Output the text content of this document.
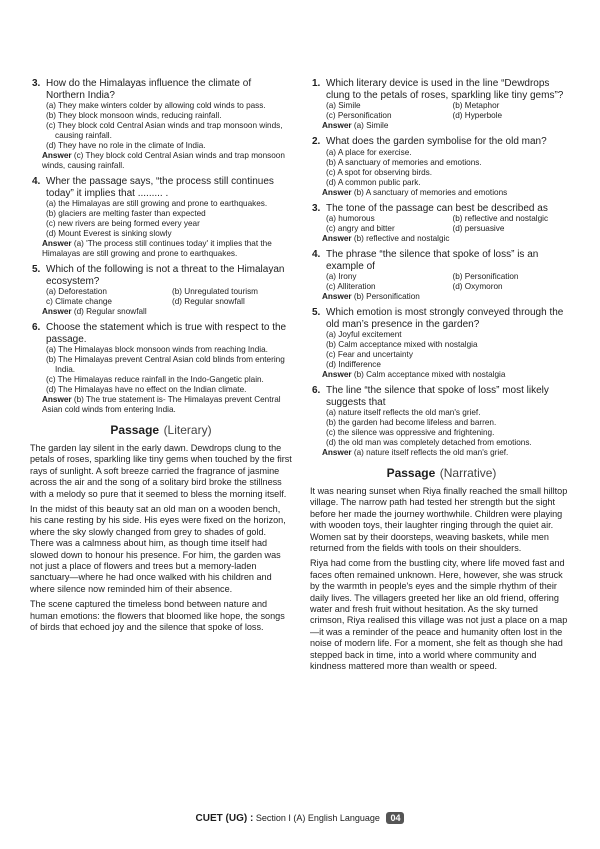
3. How do the Himalayas influence the climate of Northern India?
(a) They make winters colder by allowing cold winds to pass.
(b) They block monsoon winds, reducing rainfall.
(c) They block cold Central Asian winds and trap monsoon winds, causing rainfall.
(d) They have no role in the climate of India.
Answer (c) They block cold Central Asian winds and trap monsoon winds, causing rainfall.
4. Wher the passage says, “the process still continues today” it implies that ......... .
(a) the Himalayas are still growing and prone to earthquakes.
(b) glaciers are melting faster than expected
(c) new rivers are being formed every year
(d) Mount Everest is sinking slowly
Answer (a) 'The process still continues today' it implies that the Himalayas are still growing and prone to earthquakes.
5. Which of the following is not a threat to the Himalayan ecosystem?
(a) Deforestation	(b) Unregulated tourism
c) Climate change	(d) Regular snowfall
Answer (d) Regular snowfall
6. Choose the statement which is true with respect to the passage.
(a) The Himalayas block monsoon winds from reaching India.
(b) The Himalayas prevent Central Asian cold blinds from entering India.
(c) The Himalayas reduce rainfall in the Indo-Gangetic plain.
(d) The Himalayas have no effect on the Indian climate.
Answer (b) The true statement is- The Himalayas prevent Central Asian cold winds from entering India.
Passage (Literary)

The garden lay silent in the early dawn. Dewdrops clung to the petals of roses, sparkling like tiny gems when touched by the first rays of sunlight. A soft breeze carried the fragrance of jasmine across the air and the song of a solitary bird broke the stillness with a melody so pure that it seemed to bless the morning itself.

In the midst of this beauty sat an old man on a wooden bench, his cane resting by his side. His eyes were fixed on the horizon, where the sky slowly changed from grey to shades of gold. There was a calmness about him, as though time itself had slowed down to honour his presence. For him, the garden was not just a place of flowers and trees but a memory-laden sanctuary—where he had once walked with his children and where silence now reminded him of their absence.

The scene captured the timeless bond between nature and human emotions: the flowers that bloomed like hope, the songs of birds that echoed joy and the silence that spoke of loss.

1. Which literary device is used in the line “Dewdrops clung to the petals of roses, sparkling like tiny gems”?
(a) Simile	(b) Metaphor
(c) Personification	(d) Hyperbole
Answer (a) Simile
2. What does the garden symbolise for the old man?
(a) A place for exercise.
(b) A sanctuary of memories and emotions.
(c) A spot for observing birds.
(d) A common public park.
Answer (b) A sanctuary of memories and emotions
3. The tone of the passage can best be described as
(a) humorous	(b) reflective and nostalgic
(c) angry and bitter	(d) persuasive
Answer (b) reflective and nostalgic
4. The phrase “the silence that spoke of loss” is an example of
(a) Irony	(b) Personification
(c) Alliteration	(d) Oxymoron
Answer (b) Personification
5. Which emotion is most strongly conveyed through the old man’s presence in the garden?
(a) Joyful excitement
(b) Calm acceptance mixed with nostalgia
(c) Fear and uncertainty
(d) Indifference
Answer (b) Calm acceptance mixed with nostalgia
6. The line “the silence that spoke of loss” most likely suggests that
(a) nature itself reflects the old man's grief.
(b) the garden had become lifeless and barren.
(c) the silence was oppressive and frightening.
(d) the old man was completely detached from emotions.
Answer (a) nature itself reflects the old man's grief.
Passage (Narrative)

It was nearing sunset when Riya finally reached the small hilltop village. The narrow path had tested her strength but the sight before her made the journey worthwhile. Children were playing with wooden toys, their laughter ringing through the quiet air. Women sat by their doorsteps, weaving baskets, while men returned from the fields with tools on their shoulders.

Riya had come from the bustling city, where life moved fast and faces often remained unknown. Here, however, she was struck by the warmth in people's eyes and the simple rhythm of their daily lives. The villagers greeted her like an old friend, offering water and fresh fruit without hesitation. As the sky turned crimson, Riya realised this village was not just a place on a map—it was a reminder of the peace and humanity often lost in the noise of modern life. For a moment, she felt as though she had stepped back in time, into a world where community and kindness mattered more than wealth or speed.

CUET (UG) : Section I (A) English Language 04
